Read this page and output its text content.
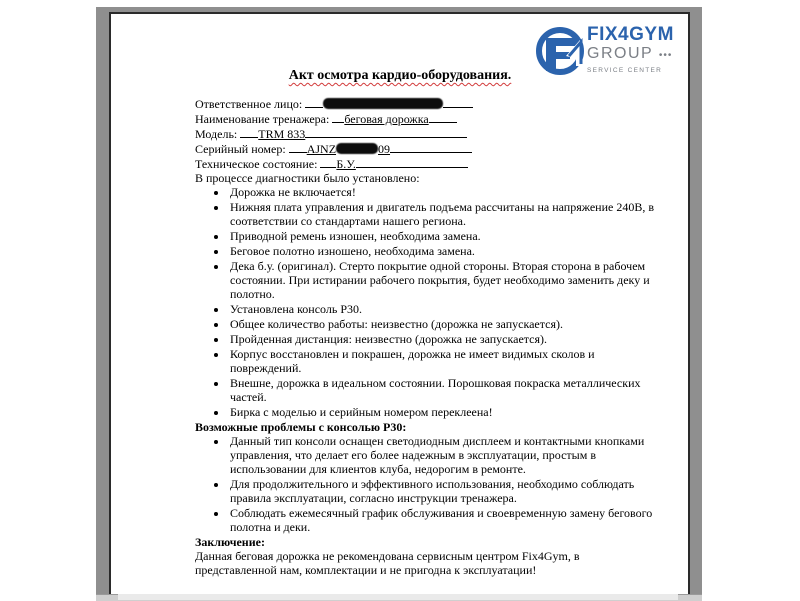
FIX4GYM
GROUP •••
SERVICE CENTER
Акт осмотра кардио-оборудования.
Ответственное лицо:
Наименование тренажера: беговая дорожка
Модель: TRM 833
Серийный номер: AJNZ	09
Техническое состояние: Б.У.
В процессе диагностики было установлено:
• Дорожка не включается!
• Нижняя плата управления и двигатель подъема рассчитаны на напряжение 240В, в соответствии со стандартами нашего региона.
• Приводной ремень изношен, необходима замена.
• Беговое полотно изношено, необходима замена.
• Дека б.у. (оригинал). Стерто покрытие одной стороны. Вторая сторона в рабочем состоянии. При истирании рабочего покрытия, будет необходимо заменить деку и полотно.
• Установлена консоль P30.
• Общее количество работы: неизвестно (дорожка не запускается).
• Пройденная дистанция: неизвестно (дорожка не запускается).
• Корпус восстановлен и покрашен, дорожка не имеет видимых сколов и повреждений.
• Внешне, дорожка в идеальном состоянии. Порошковая покраска металлических частей.
• Бирка с моделью и серийным номером переклеена!
Возможные проблемы с консолью P30:
• Данный тип консоли оснащен светодиодным дисплеем и контактными кнопками управления, что делает его более надежным в эксплуатации, простым в использовании для клиентов клуба, недорогим в ремонте.
• Для продолжительного и эффективного использования, необходимо соблюдать правила эксплуатации, согласно инструкции тренажера.
• Соблюдать ежемесячный график обслуживания и своевременную замену бегового полотна и деки.
Заключение:
Данная беговая дорожка не рекомендована сервисным центром Fix4Gym, в представленной нам, комплектации и не пригодна к эксплуатации!
